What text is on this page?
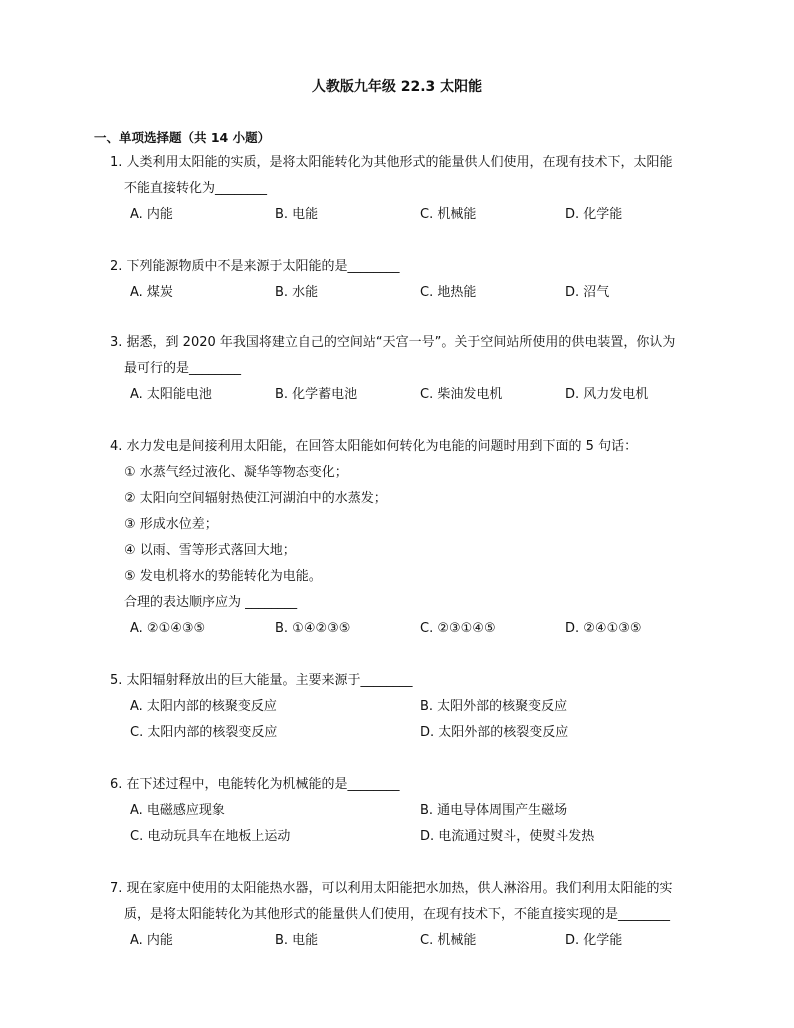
人教版九年级 22.3 太阳能
一、单项选择题（共 14 小题）
1. 人类利用太阳能的实质，是将太阳能转化为其他形式的能量供人们使用，在现有技术下，太阳能
不能直接转化为________
A. 内能	B. 电能	C. 机械能	D. 化学能
2. 下列能源物质中不是来源于太阳能的是________
A. 煤炭	B. 水能	C. 地热能	D. 沼气
3. 据悉，到 2020 年我国将建立自己的空间站“天宫一号”。关于空间站所使用的供电装置，你认为
最可行的是________
A. 太阳能电池	B. 化学蓄电池	C. 柴油发电机	D. 风力发电机
4. 水力发电是间接利用太阳能，在回答太阳能如何转化为电能的问题时用到下面的 5 句话：
① 水蒸气经过液化、凝华等物态变化；
② 太阳向空间辐射热使江河湖泊中的水蒸发；
③ 形成水位差；
④ 以雨、雪等形式落回大地；
⑤ 发电机将水的势能转化为电能。
合理的表达顺序应为 ________
A. ②①④③⑤	B. ①④②③⑤	C. ②③①④⑤	D. ②④①③⑤
5. 太阳辐射释放出的巨大能量。主要来源于________
A. 太阳内部的核聚变反应	B. 太阳外部的核聚变反应
C. 太阳内部的核裂变反应	D. 太阳外部的核裂变反应
6. 在下述过程中，电能转化为机械能的是________
A. 电磁感应现象	B. 通电导体周围产生磁场
C. 电动玩具车在地板上运动	D. 电流通过熨斗，使熨斗发热
7. 现在家庭中使用的太阳能热水器，可以利用太阳能把水加热，供人淋浴用。我们利用太阳能的实
质，是将太阳能转化为其他形式的能量供人们使用，在现有技术下，不能直接实现的是________
A. 内能	B. 电能	C. 机械能	D. 化学能
